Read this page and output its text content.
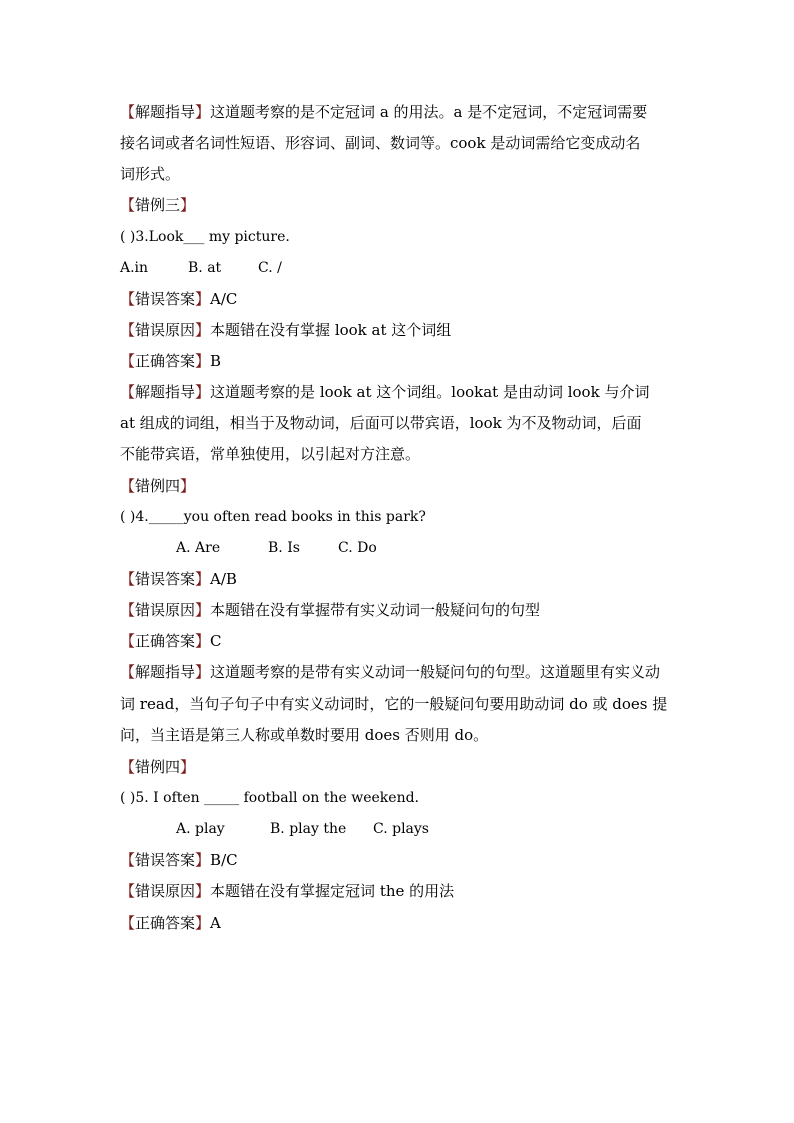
【解题指导】这道题考察的是不定冠词 a 的用法。a 是不定冠词，不定冠词需要
接名词或者名词性短语、形容词、副词、数词等。cook 是动词需给它变成动名
词形式。
【错例三】
( )3.Look___ my picture.
A.in	B. at	C. /
【错误答案】A/C
【错误原因】本题错在没有掌握 look at 这个词组
【正确答案】B
【解题指导】这道题考察的是 look at 这个词组。lookat 是由动词 look 与介词
at 组成的词组，相当于及物动词，后面可以带宾语，look 为不及物动词，后面
不能带宾语，常单独使用，以引起对方注意。
【错例四】
( )4._____you often read books in this park?
A. Are	B. Is	C. Do
【错误答案】A/B
【错误原因】本题错在没有掌握带有实义动词一般疑问句的句型
【正确答案】C
【解题指导】这道题考察的是带有实义动词一般疑问句的句型。这道题里有实义动
词 read，当句子句子中有实义动词时，它的一般疑问句要用助动词 do 或 does 提
问，当主语是第三人称或单数时要用 does 否则用 do。
【错例四】
( )5. I often _____ football on the weekend.
A. play	B. play the C. plays
【错误答案】B/C
【错误原因】本题错在没有掌握定冠词 the 的用法
【正确答案】A
